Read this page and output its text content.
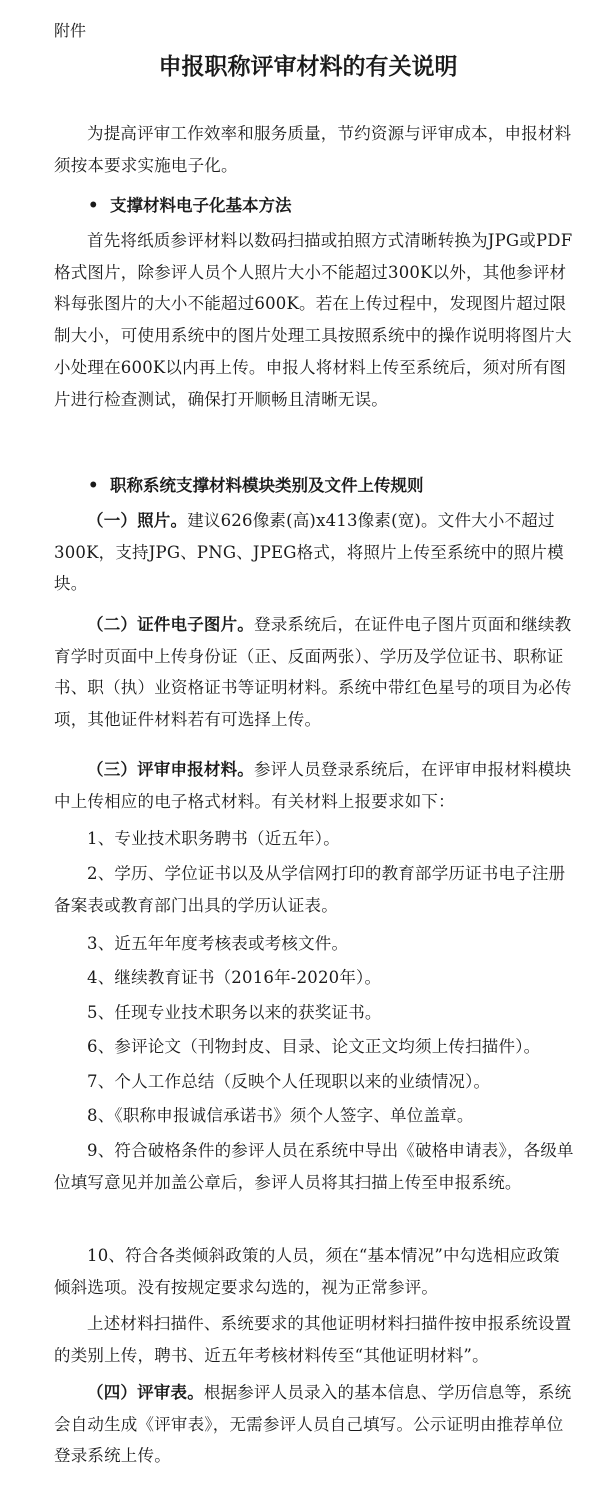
附件
申报职称评审材料的有关说明

为提高评审工作效率和服务质量，节约资源与评审成本，申报材料须按本要求实施电子化。

• 支撑材料电子化基本方法

首先将纸质参评材料以数码扫描或拍照方式清晰转换为JPG或PDF格式图片，除参评人员个人照片大小不能超过300K以外，其他参评材料每张图片的大小不能超过600K。若在上传过程中，发现图片超过限制大小，可使用系统中的图片处理工具按照系统中的操作说明将图片大小处理在600K以内再上传。申报人将材料上传至系统后，须对所有图片进行检查测试，确保打开顺畅且清晰无误。

• 职称系统支撑材料模块类别及文件上传规则

（一）照片。建议626像素(高)x413像素(宽)。文件大小不超过300K，支持JPG、PNG、JPEG格式，将照片上传至系统中的照片模块。

（二）证件电子图片。登录系统后，在证件电子图片页面和继续教育学时页面中上传身份证（正、反面两张）、学历及学位证书、职称证书、职（执）业资格证书等证明材料。系统中带红色星号的项目为必传项，其他证件材料若有可选择上传。

（三）评审申报材料。参评人员登录系统后，在评审申报材料模块中上传相应的电子格式材料。有关材料上报要求如下：

1、专业技术职务聘书（近五年）。

2、学历、学位证书以及从学信网打印的教育部学历证书电子注册备案表或教育部门出具的学历认证表。

3、近五年年度考核表或考核文件。

4、继续教育证书（2016年-2020年）。

5、任现专业技术职务以来的获奖证书。

6、参评论文（刊物封皮、目录、论文正文均须上传扫描件）。

7、个人工作总结（反映个人任现职以来的业绩情况）。

8、《职称申报诚信承诺书》须个人签字、单位盖章。

9、符合破格条件的参评人员在系统中导出《破格申请表》，各级单位填写意见并加盖公章后，参评人员将其扫描上传至申报系统。

10、符合各类倾斜政策的人员，须在“基本情况”中勾选相应政策倾斜选项。没有按规定要求勾选的，视为正常参评。

上述材料扫描件、系统要求的其他证明材料扫描件按申报系统设置的类别上传，聘书、近五年考核材料传至“其他证明材料”。

（四）评审表。根据参评人员录入的基本信息、学历信息等，系统会自动生成《评审表》，无需参评人员自己填写。公示证明由推荐单位登录系统上传。
